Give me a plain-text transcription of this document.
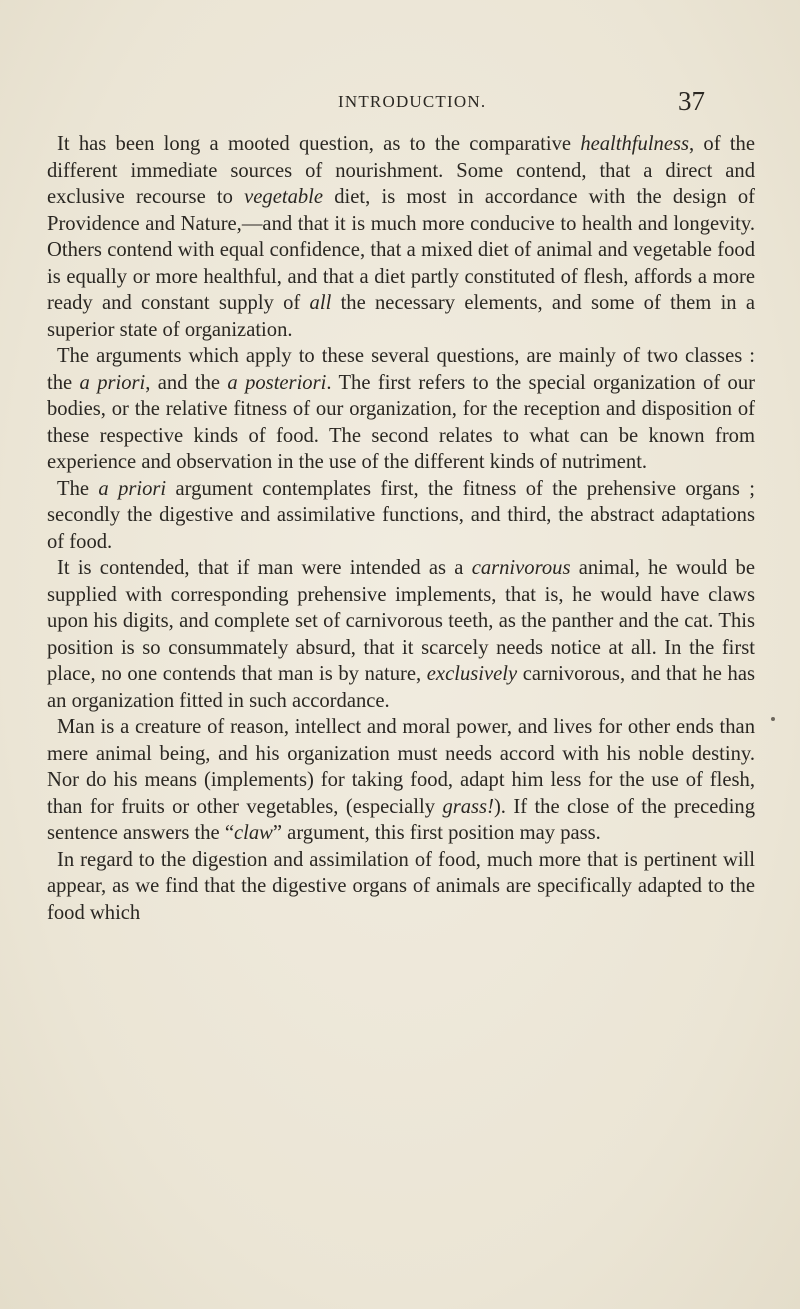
INTRODUCTION.	37

It has been long a mooted question, as to the comparative healthfulness, of the different immediate sources of nourishment. Some contend, that a direct and exclusive recourse to vegetable diet, is most in accordance with the design of Providence and Nature,—and that it is much more conducive to health and longevity. Others contend with equal confidence, that a mixed diet of animal and vegetable food is equally or more healthful, and that a diet partly constituted of flesh, affords a more ready and constant supply of all the necessary elements, and some of them in a superior state of organization.

The arguments which apply to these several questions, are mainly of two classes : the a priori, and the a posteriori. The first refers to the special organization of our bodies, or the relative fitness of our organization, for the reception and disposition of these respective kinds of food. The second relates to what can be known from experience and observation in the use of the different kinds of nutriment.

The a priori argument contemplates first, the fitness of the prehensive organs ; secondly the digestive and assimilative functions, and third, the abstract adaptations of food.

It is contended, that if man were intended as a carnivorous animal, he would be supplied with corresponding prehensive implements, that is, he would have claws upon his digits, and complete set of carnivorous teeth, as the panther and the cat. This position is so consummately absurd, that it scarcely needs notice at all. In the first place, no one contends that man is by nature, exclusively carnivorous, and that he has an organization fitted in such accordance.

Man is a creature of reason, intellect and moral power, and lives for other ends than mere animal being, and his organization must needs accord with his noble destiny. Nor do his means (implements) for taking food, adapt him less for the use of flesh, than for fruits or other vegetables, (especially grass!). If the close of the preceding sentence answers the “claw” argument, this first position may pass.

In regard to the digestion and assimilation of food, much more that is pertinent will appear, as we find that the digestive organs of animals are specifically adapted to the food which
